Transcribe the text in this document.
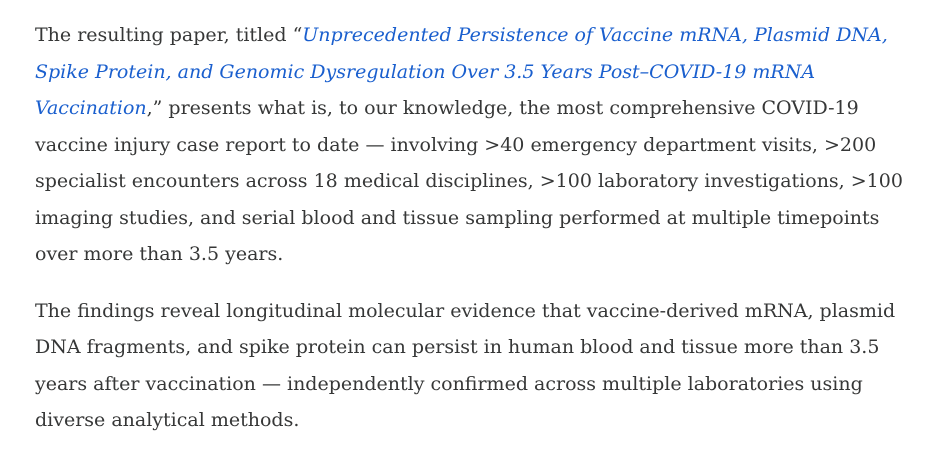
The resulting paper, titled “Unprecedented Persistence of Vaccine mRNA, Plasmid DNA, Spike Protein, and Genomic Dysregulation Over 3.5 Years Post–COVID-19 mRNA Vaccination,” presents what is, to our knowledge, the most comprehensive COVID-19 vaccine injury case report to date — involving >40 emergency department visits, >200 specialist encounters across 18 medical disciplines, >100 laboratory investigations, >100 imaging studies, and serial blood and tissue sampling performed at multiple timepoints over more than 3.5 years.

The findings reveal longitudinal molecular evidence that vaccine-derived mRNA, plasmid DNA fragments, and spike protein can persist in human blood and tissue more than 3.5 years after vaccination — independently confirmed across multiple laboratories using diverse analytical methods.
